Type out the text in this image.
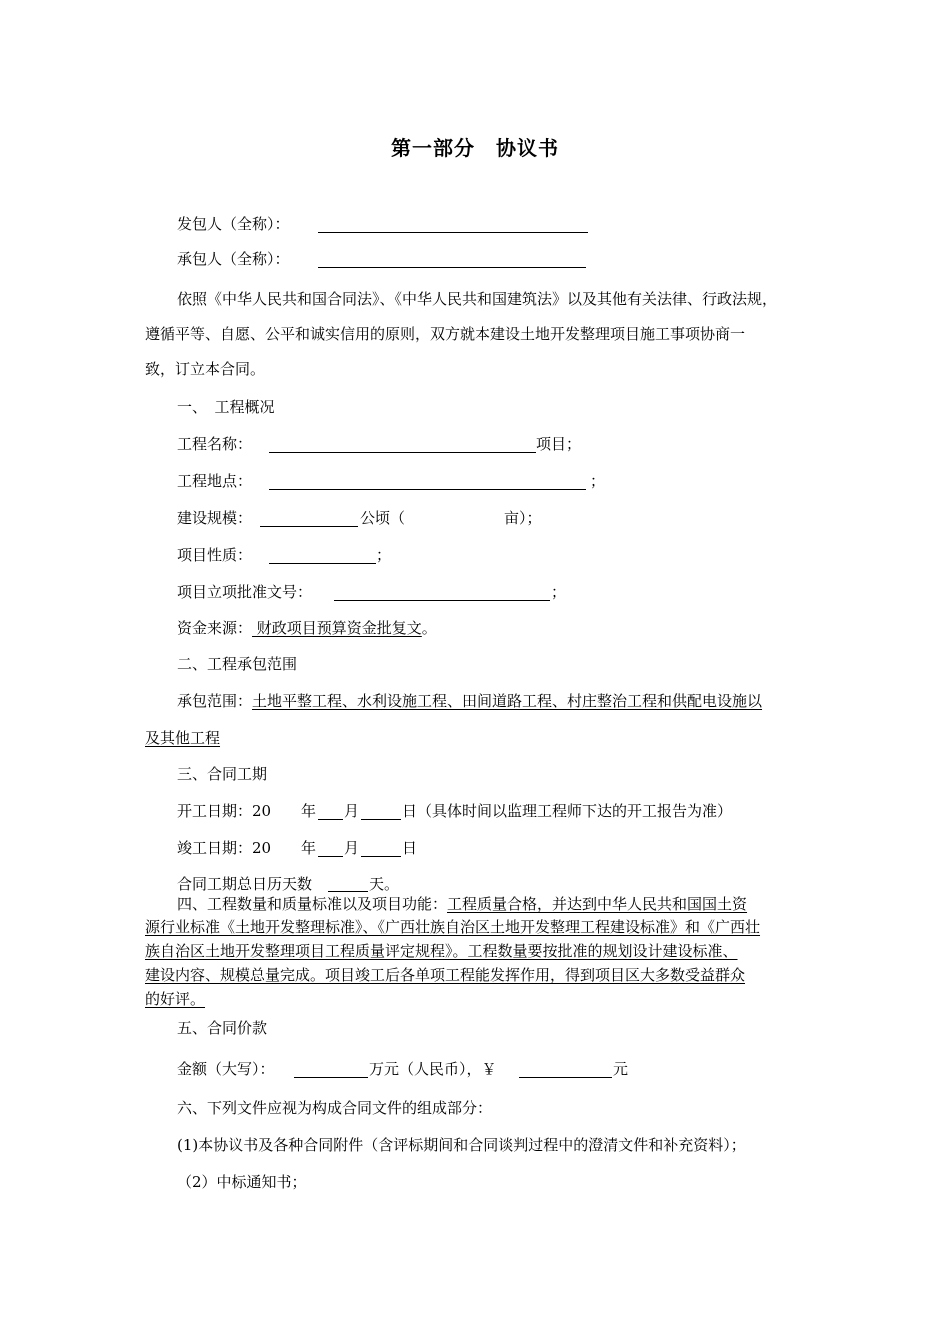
第一部分　协议书
发包人（全称）：
承包人（全称）：
依照《中华人民共和国合同法》、《中华人民共和国建筑法》以及其他有关法律、行政法规，
遵循平等、自愿、公平和诚实信用的原则，双方就本建设土地开发整理项目施工事项协商一
致，订立本合同。
一、　工程概况
工程名称：	项目；
工程地点：	；
建设规模：	公顷（	亩）；
项目性质：	；
项目立项批准文号：	；
资金来源： 财政项目预算资金批复文。
二、工程承包范围
承包范围：土地平整工程、水利设施工程、田间道路工程、村庄整治工程和供配电设施以
及其他工程
三、合同工期
开工日期：20 年 月	日（具体时间以监理工程师下达的开工报告为准）
竣工日期：20 年 月	日
合同工期总日历天数	天。
四、工程数量和质量标准以及项目功能：工程质量合格，并达到中华人民共和国国土资
源行业标准《土地开发整理标准》、《广西壮族自治区土地开发整理工程建设标准》和《广西壮
族自治区土地开发整理项目工程质量评定规程》。工程数量要按批准的规划设计建设标准、
建设内容、规模总量完成。项目竣工后各单项工程能发挥作用，得到项目区大多数受益群众
的好评。
五、合同价款
金额（大写）：	万元（人民币），￥	元
六、下列文件应视为构成合同文件的组成部分：
(1)本协议书及各种合同附件（含评标期间和合同谈判过程中的澄清文件和补充资料）；
（2）中标通知书；
